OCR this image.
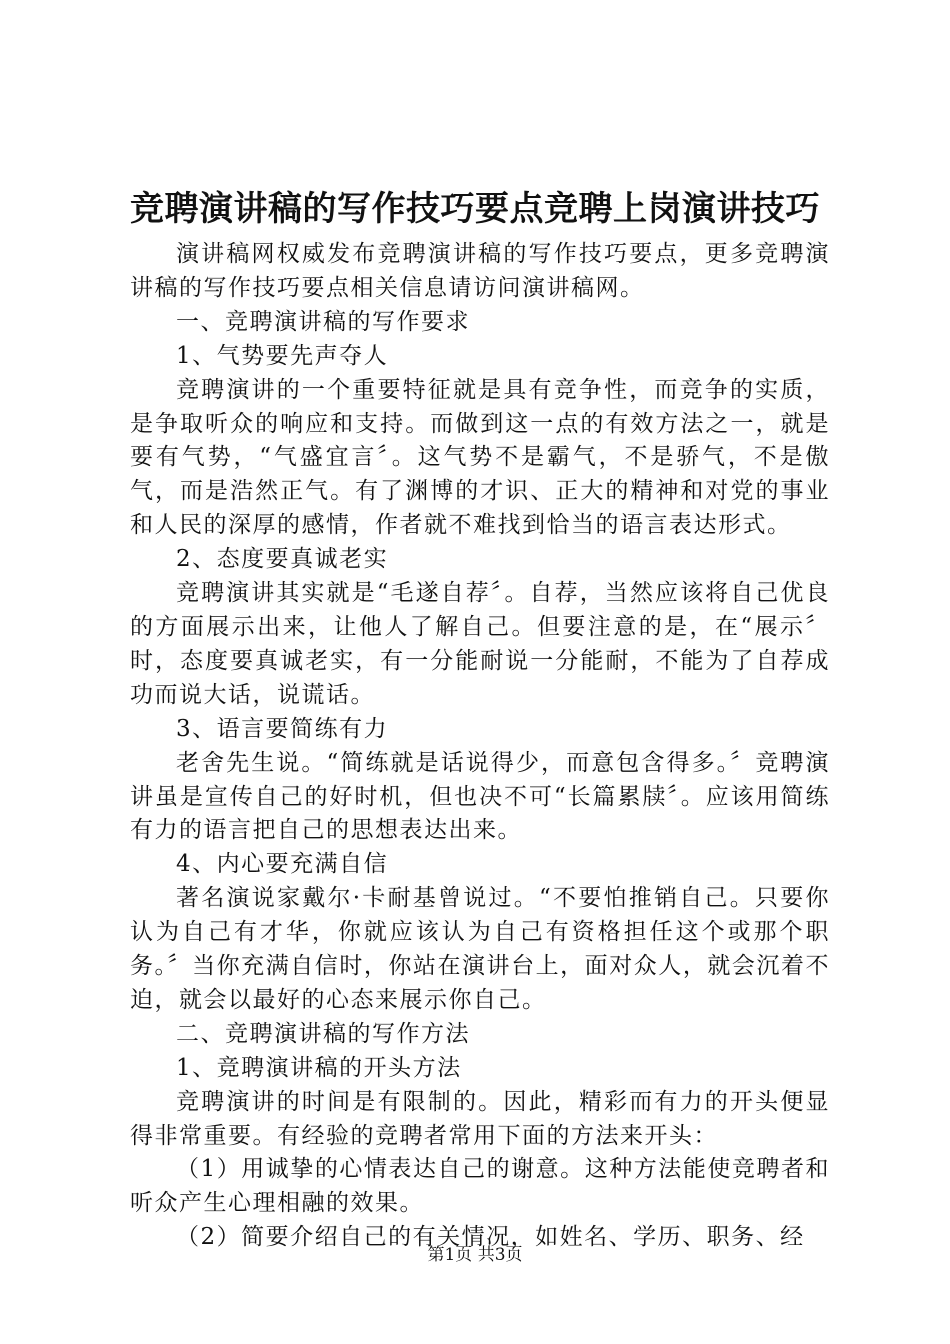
竞聘演讲稿的写作技巧要点竞聘上岗演讲技巧

演讲稿网权威发布竞聘演讲稿的写作技巧要点，更多竞聘演讲稿的写作技巧要点相关信息请访问演讲稿网。

一、竞聘演讲稿的写作要求

1、气势要先声夺人

竞聘演讲的一个重要特征就是具有竞争性，而竞争的实质，是争取听众的响应和支持。而做到这一点的有效方法之一，就是要有气势，“气盛宜言〞。这气势不是霸气，不是骄气，不是傲气，而是浩然正气。有了渊博的才识、正大的精神和对党的事业和人民的深厚的感情，作者就不难找到恰当的语言表达形式。

2、态度要真诚老实

竞聘演讲其实就是“毛遂自荐〞。自荐，当然应该将自己优良的方面展示出来，让他人了解自己。但要注意的是，在“展示〞时，态度要真诚老实，有一分能耐说一分能耐，不能为了自荐成功而说大话，说谎话。

3、语言要简练有力

老舍先生说。“简练就是话说得少，而意包含得多。〞竞聘演讲虽是宣传自己的好时机，但也决不可“长篇累牍〞。应该用简练有力的语言把自己的思想表达出来。

4、内心要充满自信

著名演说家戴尔·卡耐基曾说过。“不要怕推销自己。只要你认为自己有才华，你就应该认为自己有资格担任这个或那个职务。〞当你充满自信时，你站在演讲台上，面对众人，就会沉着不迫，就会以最好的心态来展示你自己。

二、竞聘演讲稿的写作方法

1、竞聘演讲稿的开头方法

竞聘演讲的时间是有限制的。因此，精彩而有力的开头便显得非常重要。有经验的竞聘者常用下面的方法来开头：

（1）用诚挚的心情表达自己的谢意。这种方法能使竞聘者和听众产生心理相融的效果。

（2）简要介绍自己的有关情况，如姓名、学历、职务、经

第1页 共3页
